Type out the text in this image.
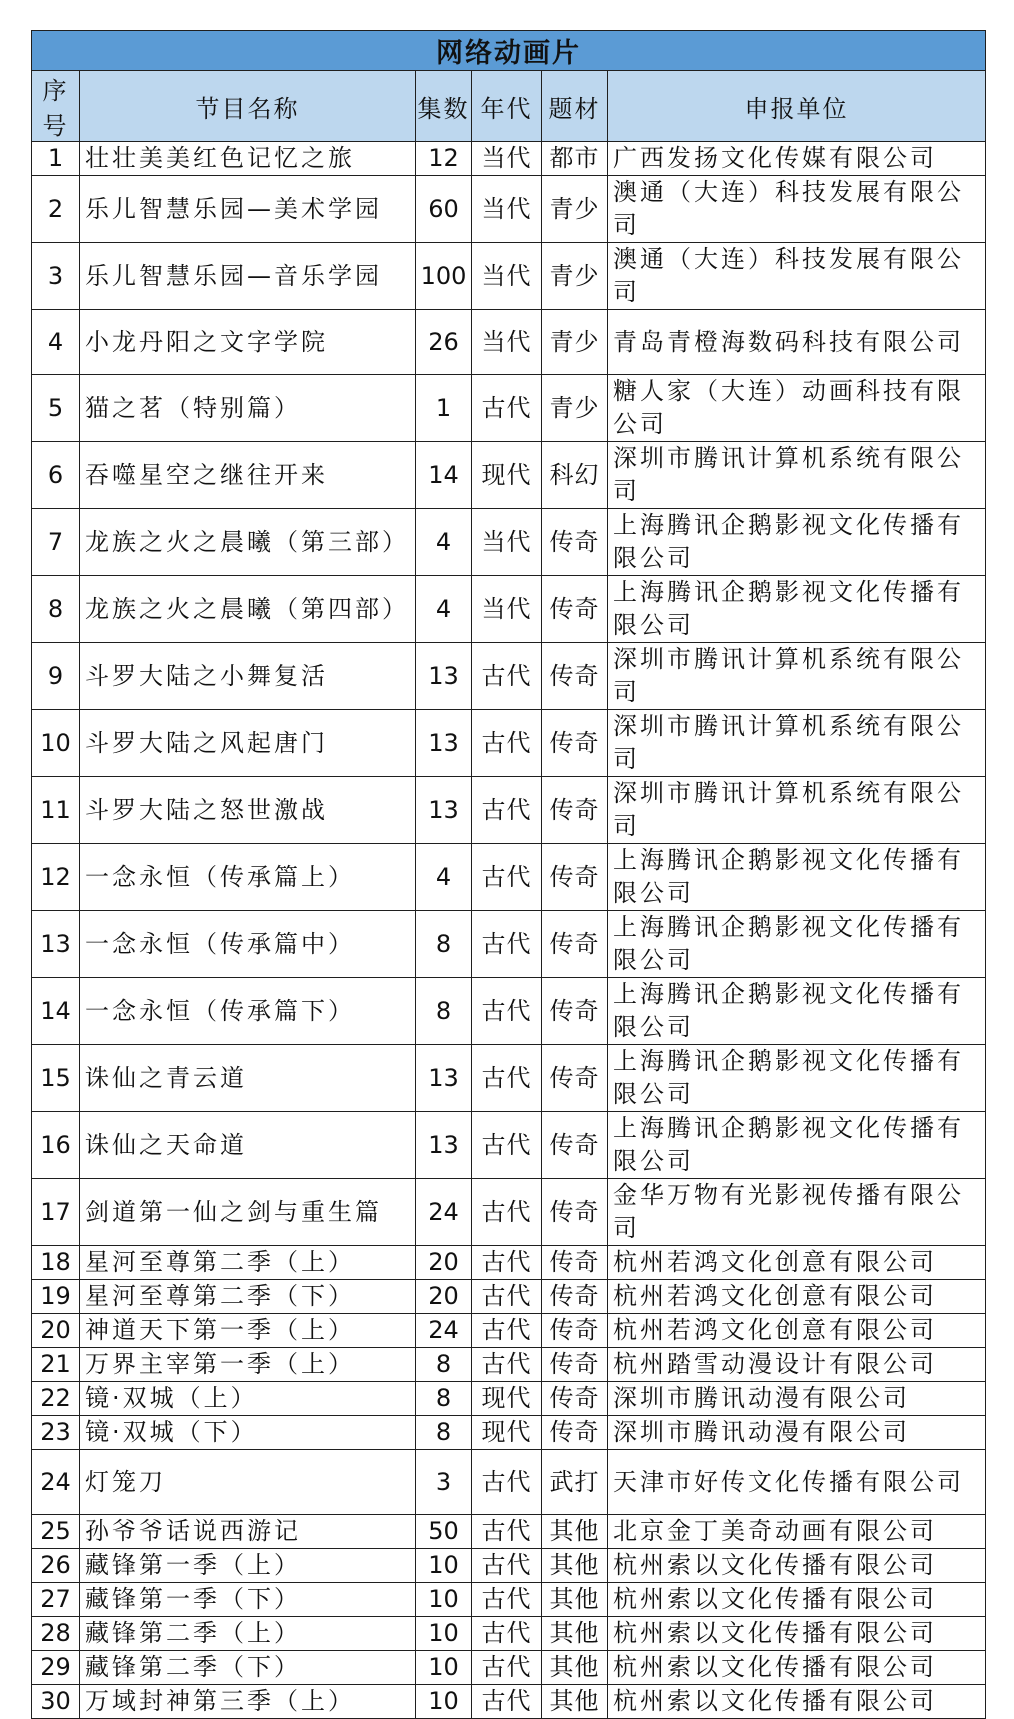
网络动画片					
序号	节目名称	集数	年代	题材	申报单位
1	壮壮美美红色记忆之旅	12	当代	都市	广西发扬文化传媒有限公司
2	乐儿智慧乐园—美术学园	60	当代	青少	澳通（大连）科技发展有限公司
3	乐儿智慧乐园—音乐学园	100	当代	青少	澳通（大连）科技发展有限公司
4	小龙丹阳之文字学院	26	当代	青少	青岛青橙海数码科技有限公司
5	猫之茗（特别篇）	1	古代	青少	糖人家（大连）动画科技有限公司
6	吞噬星空之继往开来	14	现代	科幻	深圳市腾讯计算机系统有限公司
7	龙族之火之晨曦（第三部）	4	当代	传奇	上海腾讯企鹅影视文化传播有限公司
8	龙族之火之晨曦（第四部）	4	当代	传奇	上海腾讯企鹅影视文化传播有限公司
9	斗罗大陆之小舞复活	13	古代	传奇	深圳市腾讯计算机系统有限公司
10	斗罗大陆之风起唐门	13	古代	传奇	深圳市腾讯计算机系统有限公司
11	斗罗大陆之怒世激战	13	古代	传奇	深圳市腾讯计算机系统有限公司
12	一念永恒（传承篇上）	4	古代	传奇	上海腾讯企鹅影视文化传播有限公司
13	一念永恒（传承篇中）	8	古代	传奇	上海腾讯企鹅影视文化传播有限公司
14	一念永恒（传承篇下）	8	古代	传奇	上海腾讯企鹅影视文化传播有限公司
15	诛仙之青云道	13	古代	传奇	上海腾讯企鹅影视文化传播有限公司
16	诛仙之天命道	13	古代	传奇	上海腾讯企鹅影视文化传播有限公司
17	剑道第一仙之剑与重生篇	24	古代	传奇	金华万物有光影视传播有限公司
18	星河至尊第二季（上）	20	古代	传奇	杭州若鸿文化创意有限公司
19	星河至尊第二季（下）	20	古代	传奇	杭州若鸿文化创意有限公司
20	神道天下第一季（上）	24	古代	传奇	杭州若鸿文化创意有限公司
21	万界主宰第一季（上）	8	古代	传奇	杭州踏雪动漫设计有限公司
22	镜·双城（上）	8	现代	传奇	深圳市腾讯动漫有限公司
23	镜·双城（下）	8	现代	传奇	深圳市腾讯动漫有限公司
24	灯笼刀	3	古代	武打	天津市好传文化传播有限公司
25	孙爷爷话说西游记	50	古代	其他	北京金丁美奇动画有限公司
26	藏锋第一季（上）	10	古代	其他	杭州索以文化传播有限公司
27	藏锋第一季（下）	10	古代	其他	杭州索以文化传播有限公司
28	藏锋第二季（上）	10	古代	其他	杭州索以文化传播有限公司
29	藏锋第二季（下）	10	古代	其他	杭州索以文化传播有限公司
30	万域封神第三季（上）	10	古代	其他	杭州索以文化传播有限公司
